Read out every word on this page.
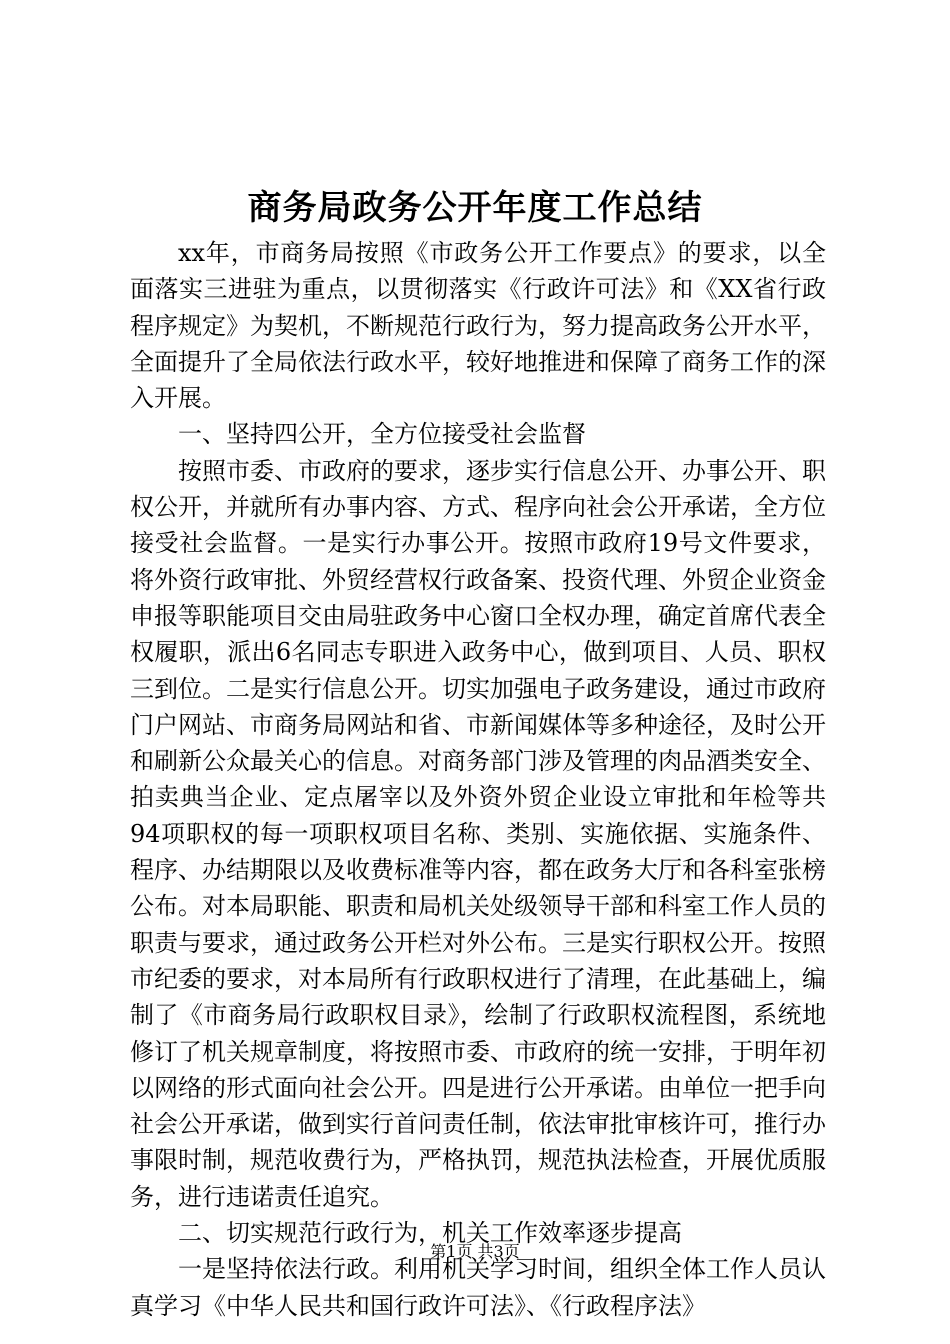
商务局政务公开年度工作总结

xx年，市商务局按照《市政务公开工作要点》的要求，以全面落实三进驻为重点，以贯彻落实《行政许可法》和《XX省行政程序规定》为契机，不断规范行政行为，努力提高政务公开水平，全面提升了全局依法行政水平，较好地推进和保障了商务工作的深入开展。

一、坚持四公开，全方位接受社会监督

按照市委、市政府的要求，逐步实行信息公开、办事公开、职权公开，并就所有办事内容、方式、程序向社会公开承诺，全方位接受社会监督。一是实行办事公开。按照市政府19号文件要求，将外资行政审批、外贸经营权行政备案、投资代理、外贸企业资金申报等职能项目交由局驻政务中心窗口全权办理，确定首席代表全权履职，派出6名同志专职进入政务中心，做到项目、人员、职权三到位。二是实行信息公开。切实加强电子政务建设，通过市政府门户网站、市商务局网站和省、市新闻媒体等多种途径，及时公开和刷新公众最关心的信息。对商务部门涉及管理的肉品酒类安全、拍卖典当企业、定点屠宰以及外资外贸企业设立审批和年检等共94项职权的每一项职权项目名称、类别、实施依据、实施条件、程序、办结期限以及收费标准等内容，都在政务大厅和各科室张榜公布。对本局职能、职责和局机关处级领导干部和科室工作人员的职责与要求，通过政务公开栏对外公布。三是实行职权公开。按照市纪委的要求，对本局所有行政职权进行了清理，在此基础上，编制了《市商务局行政职权目录》，绘制了行政职权流程图，系统地修订了机关规章制度，将按照市委、市政府的统一安排，于明年初以网络的形式面向社会公开。四是进行公开承诺。由单位一把手向社会公开承诺，做到实行首问责任制，依法审批审核许可，推行办事限时制，规范收费行为，严格执罚，规范执法检查，开展优质服务，进行违诺责任追究。

二、切实规范行政行为，机关工作效率逐步提高

一是坚持依法行政。利用机关学习时间，组织全体工作人员认真学习《中华人民共和国行政许可法》、《行政程序法》

第1页 共3页
